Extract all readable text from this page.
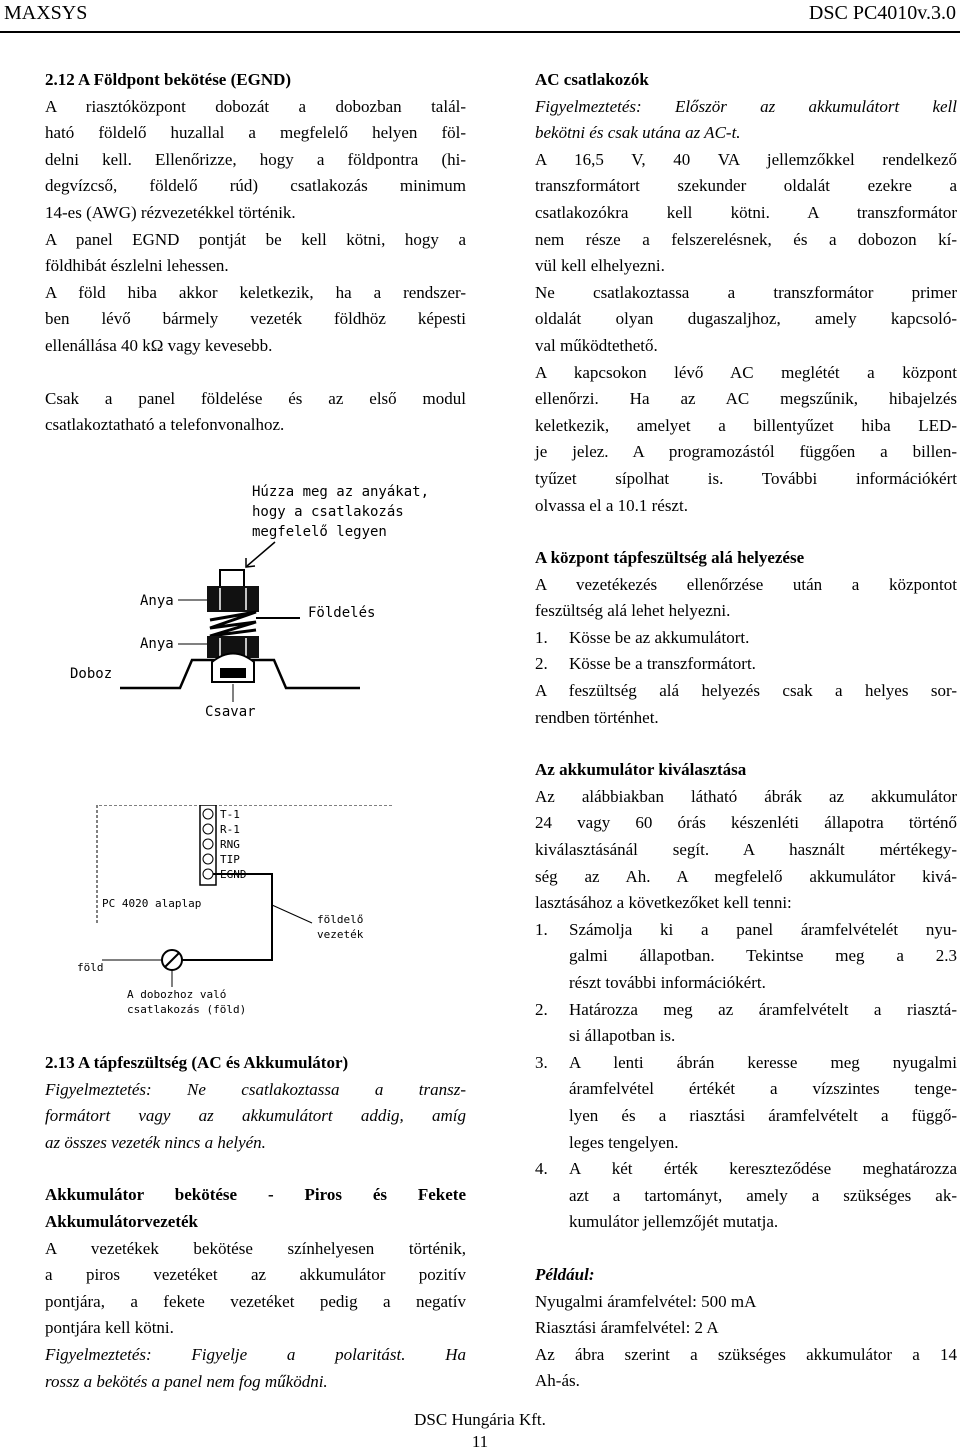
MAXSYS	DSC PC4010v.3.0

2.12 A Földpont bekötése (EGND)

A riasztóközpont dobozát a dobozban talál-

ható földelő huzallal a megfelelő helyen föl-

delni kell. Ellenőrizze, hogy a földpontra (hi-

degvízcső, földelő rúd) csatlakozás minimum

14-es (AWG) rézvezetékkel történik.

A panel EGND pontját be kell kötni, hogy a

földhibát észlelni lehessen.

A föld hiba akkor keletkezik, ha a rendszer-

ben lévő bármely vezeték földhöz képesti

ellenállása 40 kΩ vagy kevesebb.

Csak a panel földelése és az első modul

csatlakoztatható a telefonvonalhoz.

Húzza meg az anyákat,
hogy a csatlakozás
megfelelő legyen
Anya
Anya
Doboz
Földelés
Csavar
T-1
R-1
RNG
TIP
EGND
PC 4020 alaplap
földelő
vezeték
föld
A dobozhoz való
csatlakozás (föld)

2.13 A tápfeszültség (AC és Akkumulátor)

Figyelmeztetés: Ne csatlakoztassa a transz-

formátort vagy az akkumulátort addig, amíg

az összes vezeték nincs a helyén.

Akkumulátor bekötése - Piros és Fekete

Akkumulátorvezeték

A vezetékek bekötése színhelyesen történik,

a piros vezetéket az akkumulátor pozitív

pontjára, a fekete vezetéket pedig a negatív

pontjára kell kötni.

Figyelmeztetés: Figyelje a polaritást. Ha

rossz a bekötés a panel nem fog működni.

AC csatlakozók

Figyelmeztetés: Először az akkumulátort kell

bekötni és csak utána az AC-t.

A 16,5 V, 40 VA jellemzőkkel rendelkező

transzformátort szekunder oldalát ezekre a

csatlakozókra kell kötni. A transzformátor

nem része a felszerelésnek, és a dobozon kí-

vül kell elhelyezni.

Ne csatlakoztassa a transzformátor primer

oldalát olyan dugaszaljhoz, amely kapcsoló-

val működtethető.

A kapcsokon lévő AC meglétét a központ

ellenőrzi. Ha az AC megszűnik, hibajelzés

keletkezik, amelyet a billentyűzet hiba LED-

je jelez. A programozástól függően a billen-

tyűzet sípolhat is. További információkért

olvassa el a 10.1 részt.

A központ tápfeszültség alá helyezése

A vezetékezés ellenőrzése után a központot

feszültség alá lehet helyezni.

1.	Kösse be az akkumulátort.
2.	Kösse be a transzformátort.

A feszültség alá helyezés csak a helyes sor-

rendben történhet.

Az akkumulátor kiválasztása

Az alábbiakban látható ábrák az akkumulátor

24 vagy 60 órás készenléti állapotra történő

kiválasztásánál segít. A használt mértékegy-

ség az Ah. A megfelelő akkumulátor kivá-

lasztásához a következőket kell tenni:

1.	Számolja ki a panel áramfelvételét nyu-

galmi állapotban. Tekintse meg a 2.3

részt további információkért.

2.	Határozza meg az áramfelvételt a riasztá-

si állapotban is.

3.	A lenti ábrán keresse meg nyugalmi

áramfelvétel értékét a vízszintes tenge-

lyen és a riasztási áramfelvételt a függő-

leges tengelyen.

4.	A két érték kereszteződése meghatározza

azt a tartományt, amely a szükséges ak-

kumulátor jellemzőjét mutatja.

Például:

Nyugalmi áramfelvétel: 500 mA

Riasztási áramfelvétel: 2 A

Az ábra szerint a szükséges akkumulátor a 14

Ah-ás.

DSC Hungária Kft.
11
